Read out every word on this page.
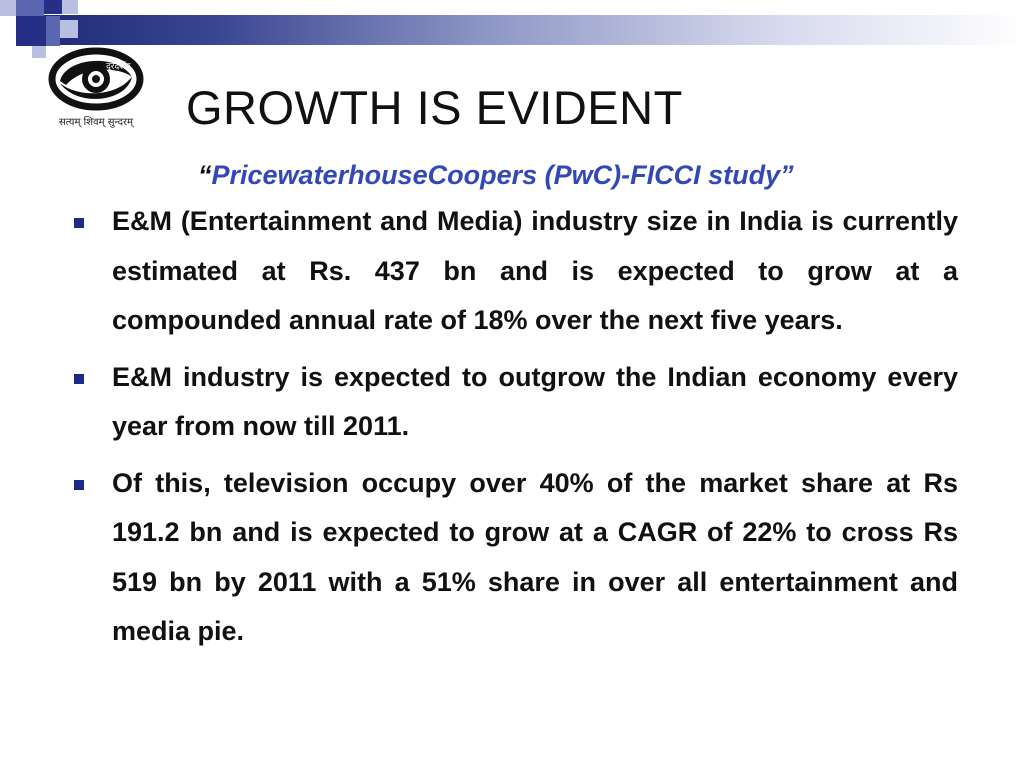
दूरदर्शन
सत्यम् शिवम् सुन्दरम् GROWTH IS EVIDENT
“PricewaterhouseCoopers (PwC)-FICCI study”
E&M (Entertainment and Media) industry size in India is currently estimated at Rs. 437 bn and is expected to grow at a compounded annual rate of 18% over the next five years.
E&M industry is expected to outgrow the Indian economy every year from now till 2011.
Of this, television occupy over 40% of the market share at Rs 191.2 bn and is expected to grow at a CAGR of 22% to cross Rs 519 bn by 2011 with a 51% share in over all entertainment and media pie.
